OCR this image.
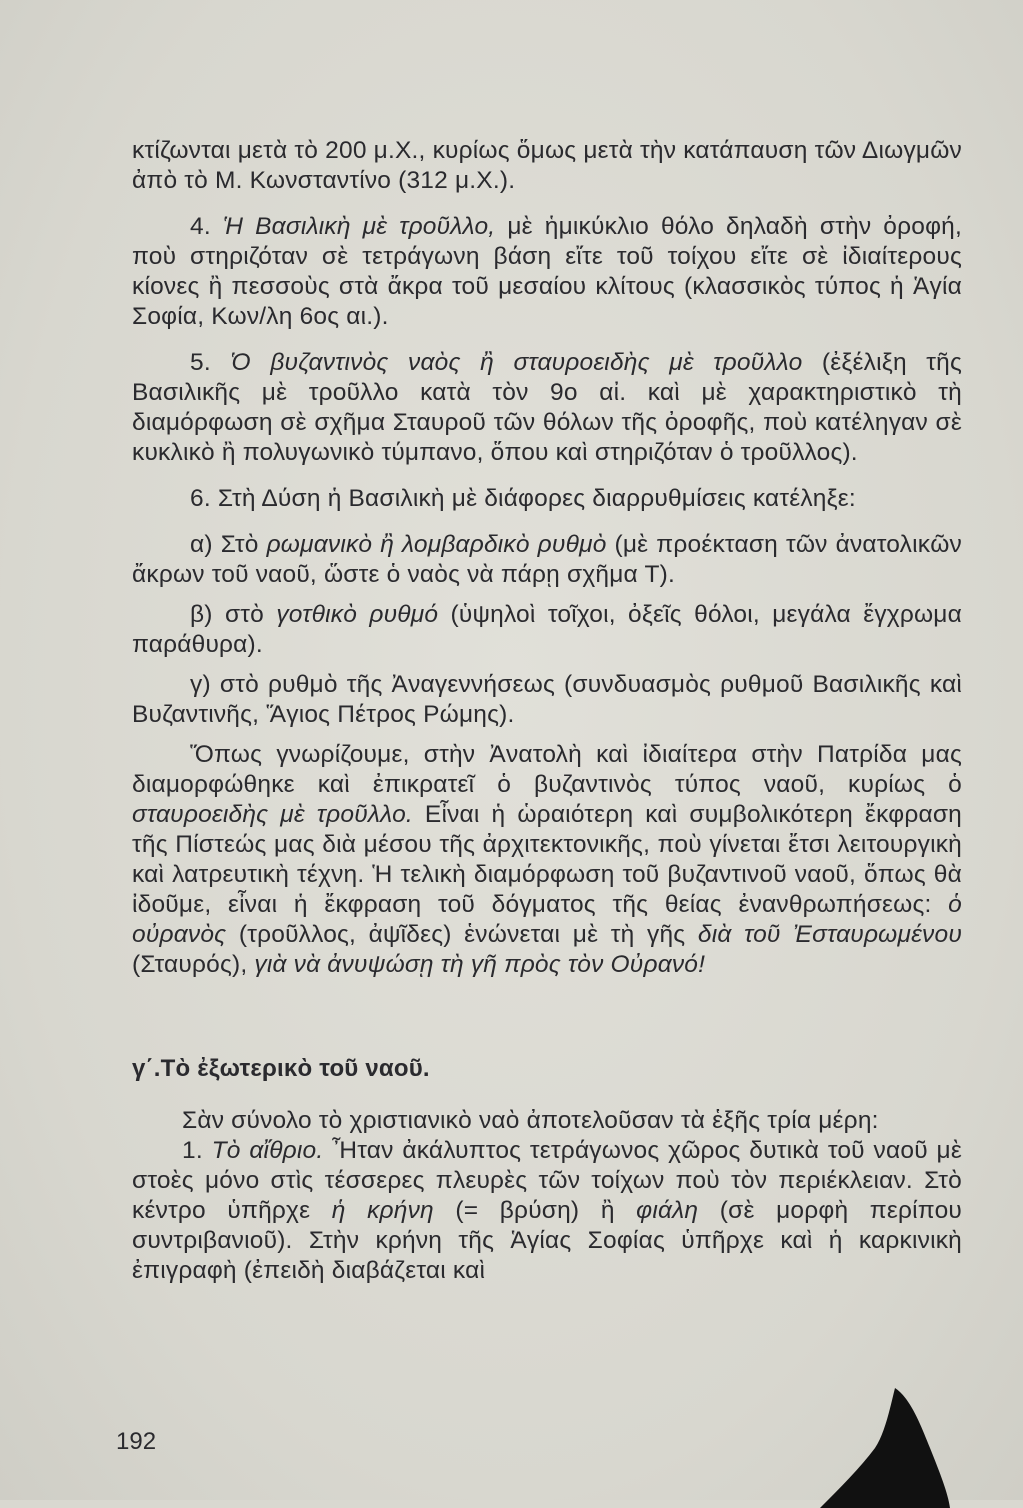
κτίζωνται μετὰ τὸ 200 μ.Χ., κυρίως ὅμως μετὰ τὴν κατάπαυση τῶν Διωγμῶν ἀπὸ τὸ Μ. Κωνσταντίνο (312 μ.Χ.).

4. Ἡ Βασιλικὴ μὲ τροῦλλο, μὲ ἡμικύκλιο θόλο δηλαδὴ στὴν ὀροφή, ποὺ στηριζόταν σὲ τετράγωνη βάση εἴτε τοῦ τοίχου εἴτε σὲ ἰδιαίτερους κίονες ἢ πεσσοὺς στὰ ἄκρα τοῦ μεσαίου κλίτους (κλασσικὸς τύπος ἡ Ἁγία Σοφία, Κων/λη 6ος αι.).

5. Ὁ βυζαντινὸς ναὸς ἢ σταυροειδὴς μὲ τροῦλλο (ἐξέλιξη τῆς Βασιλικῆς μὲ τροῦλλο κατὰ τὸν 9ο αἰ. καὶ μὲ χαρακτηριστικὸ τὴ διαμόρφωση σὲ σχῆμα Σταυροῦ τῶν θόλων τῆς ὀροφῆς, ποὺ κατέληγαν σὲ κυκλικὸ ἢ πολυγωνικὸ τύμπανο, ὅπου καὶ στηριζόταν ὁ τροῦλλος).

6. Στὴ Δύση ἡ Βασιλικὴ μὲ διάφορες διαρρυθμίσεις κατέληξε:

α) Στὸ ρωμανικὸ ἢ λομβαρδικὸ ρυθμὸ (μὲ προέκταση τῶν ἀνατολικῶν ἄκρων τοῦ ναοῦ, ὥστε ὁ ναὸς νὰ πάρῃ σχῆμα Τ).

β) στὸ γοτθικὸ ρυθμό (ὑψηλοὶ τοῖχοι, ὀξεῖς θόλοι, μεγάλα ἔγχρωμα παράθυρα).

γ) στὸ ρυθμὸ τῆς Ἀναγεννήσεως (συνδυασμὸς ρυθμοῦ Βασιλικῆς καὶ Βυζαντινῆς, Ἅγιος Πέτρος Ρώμης).

Ὅπως γνωρίζουμε, στὴν Ἀνατολὴ καὶ ἰδιαίτερα στὴν Πατρίδα μας διαμορφώθηκε καὶ ἐπικρατεῖ ὁ βυζαντινὸς τύπος ναοῦ, κυρίως ὁ σταυροειδὴς μὲ τροῦλλο. Εἶναι ἡ ὡραιότερη καὶ συμβολικότερη ἔκφραση τῆς Πίστεώς μας διὰ μέσου τῆς ἀρχιτεκτονικῆς, ποὺ γίνεται ἔτσι λειτουργικὴ καὶ λατρευτικὴ τέχνη. Ἡ τελικὴ διαμόρφωση τοῦ βυζαντινοῦ ναοῦ, ὅπως θὰ ἰδοῦμε, εἶναι ἡ ἔκφραση τοῦ δόγματος τῆς θείας ἐνανθρωπήσεως: ὁ οὐρανὸς (τροῦλλος, ἀψῖδες) ἑνώνεται μὲ τὴ γῆς διὰ τοῦ Ἐσταυρωμένου (Σταυρός), γιὰ νὰ ἀνυψώσῃ τὴ γῆ πρὸς τὸν Οὐρανό!

γ΄.Τὸ ἐξωτερικὸ τοῦ ναοῦ.

Σὰν σύνολο τὸ χριστιανικὸ ναὸ ἀποτελοῦσαν τὰ ἑξῆς τρία μέρη:

1. Τὸ αἴθριο. Ἦταν ἀκάλυπτος τετράγωνος χῶρος δυτικὰ τοῦ ναοῦ μὲ στοὲς μόνο στὶς τέσσερες πλευρὲς τῶν τοίχων ποὺ τὸν περιέκλειαν. Στὸ κέντρο ὑπῆρχε ἡ κρήνη (= βρύση) ἢ φιάλη (σὲ μορφὴ περίπου συντριβανιοῦ). Στὴν κρήνη τῆς Ἁγίας Σοφίας ὑπῆρχε καὶ ἡ καρκινικὴ ἐπιγραφὴ (ἐπειδὴ διαβάζεται καὶ

192
